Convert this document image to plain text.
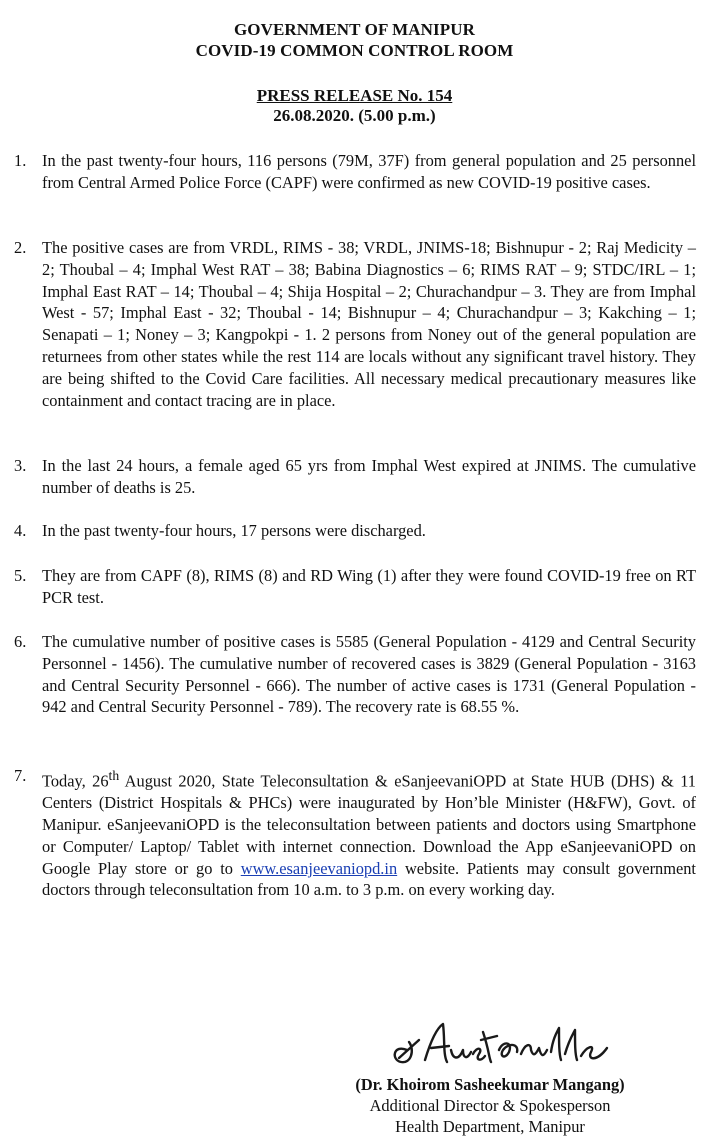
GOVERNMENT OF MANIPUR
COVID-19 COMMON CONTROL ROOM
PRESS RELEASE No. 154
26.08.2020. (5.00 p.m.)
1. In the past twenty-four hours, 116 persons (79M, 37F) from general population and 25 personnel from Central Armed Police Force (CAPF) were confirmed as new COVID-19 positive cases.
2. The positive cases are from VRDL, RIMS - 38; VRDL, JNIMS-18; Bishnupur - 2; Raj Medicity – 2; Thoubal – 4; Imphal West RAT – 38; Babina Diagnostics – 6; RIMS RAT – 9; STDC/IRL – 1; Imphal East RAT – 14; Thoubal – 4; Shija Hospital – 2; Churachandpur – 3. They are from Imphal West - 57; Imphal East - 32; Thoubal - 14; Bishnupur – 4; Churachandpur – 3; Kakching – 1; Senapati – 1; Noney – 3; Kangpokpi - 1. 2 persons from Noney out of the general population are returnees from other states while the rest 114 are locals without any significant travel history. They are being shifted to the Covid Care facilities. All necessary medical precautionary measures like containment and contact tracing are in place.
3. In the last 24 hours, a female aged 65 yrs from Imphal West expired at JNIMS. The cumulative number of deaths is 25.
4. In the past twenty-four hours, 17 persons were discharged.
5. They are from CAPF (8), RIMS (8) and RD Wing (1) after they were found COVID-19 free on RT PCR test.
6. The cumulative number of positive cases is 5585 (General Population - 4129 and Central Security Personnel - 1456). The cumulative number of recovered cases is 3829 (General Population - 3163 and Central Security Personnel - 666). The number of active cases is 1731 (General Population - 942 and Central Security Personnel - 789). The recovery rate is 68.55 %.
7. Today, 26th August 2020, State Teleconsultation & eSanjeevaniOPD at State HUB (DHS) & 11 Centers (District Hospitals & PHCs) were inaugurated by Hon’ble Minister (H&FW), Govt. of Manipur. eSanjeevaniOPD is the teleconsultation between patients and doctors using Smartphone or Computer/ Laptop/ Tablet with internet connection. Download the App eSanjeevaniOPD on Google Play store or go to www.esanjeevaniopd.in website. Patients may consult government doctors through teleconsultation from 10 a.m. to 3 p.m. on every working day.
(Dr. Khoirom Sasheekumar Mangang)
Additional Director & Spokesperson
Health Department, Manipur
